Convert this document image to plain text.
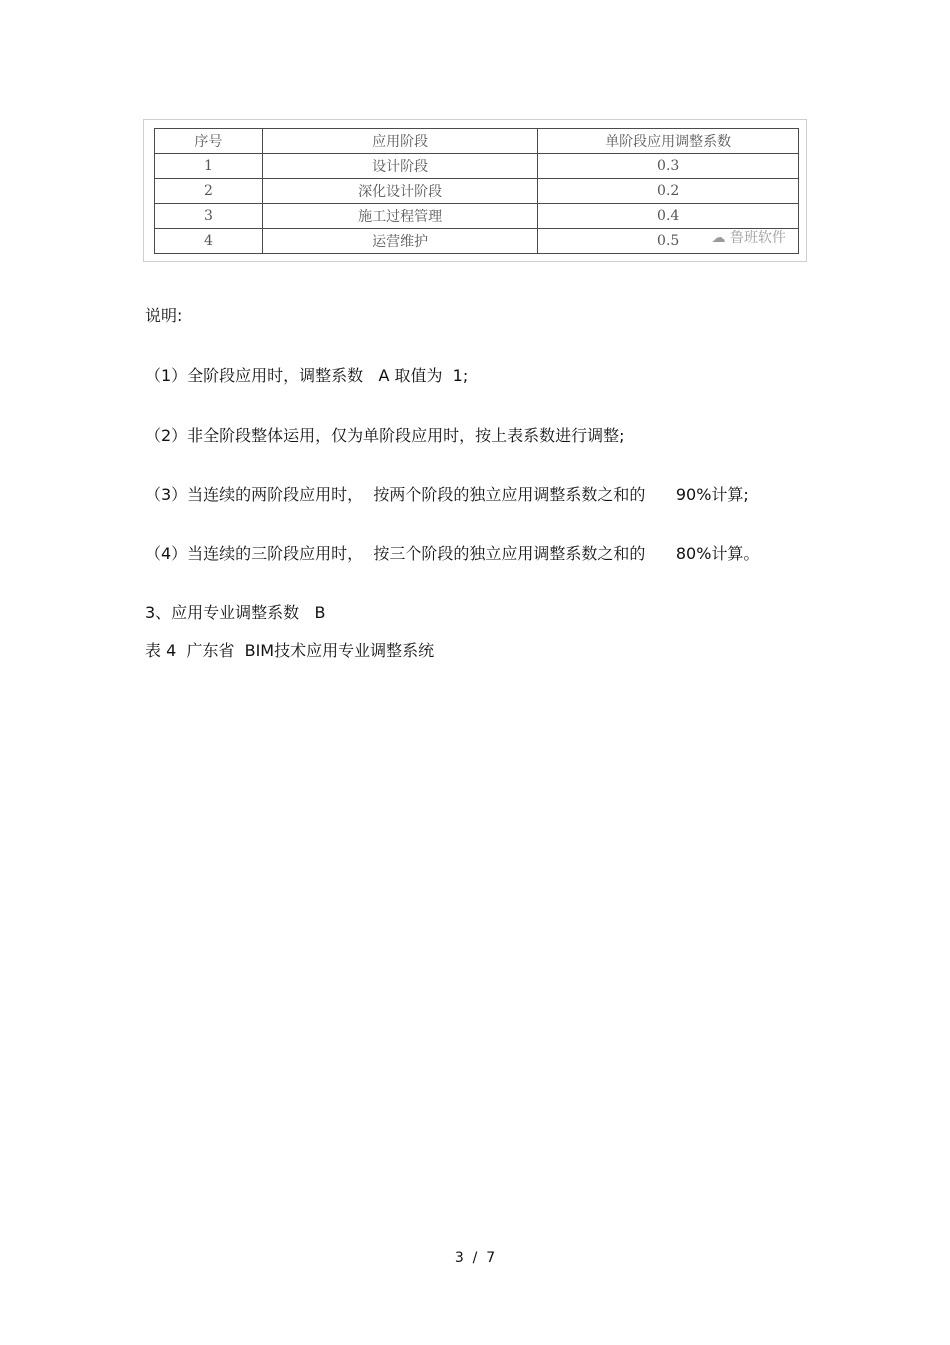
序号	应用阶段	单阶段应用调整系数
1	设计阶段	0.3
2	深化设计阶段	0.2
3	施工过程管理	0.4
4	运营维护	0.5 ☁ 鲁班软件
说明:
（1）全阶段应用时，调整系数   A 取值为  1;
（2）非全阶段整体运用，仅为单阶段应用时，按上表系数进行调整;
（3）当连续的两阶段应用时，  按两个阶段的独立应用调整系数之和的      90%计算;
（4）当连续的三阶段应用时，  按三个阶段的独立应用调整系数之和的      80%计算。
3、应用专业调整系数   B
表 4  广东省  BIM技术应用专业调整系统
3  /  7
